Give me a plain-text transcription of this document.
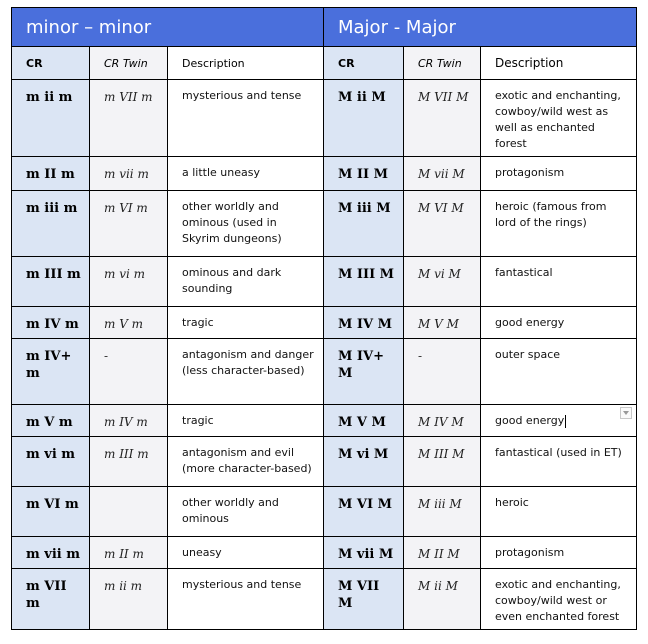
minor – minor			Major - Major		
CR	CR Twin	Description	CR	CR Twin	Description
m ii m	m VII m	mysterious and tense	M ii M	M VII M	exotic and enchanting, cowboy/wild west as well as enchanted forest
m II m	m vii m	a little uneasy	M II M	M vii M	protagonism
m iii m	m VI m	other worldly and ominous (used in Skyrim dungeons)	M iii M	M VI M	heroic (famous from lord of the rings)
m III m	m vi m	ominous and dark sounding	M III M	M vi M	fantastical
m IV m	m V m	tragic	M IV M	M V M	good energy
m IV+ m	-	antagonism and danger (less character-based)	M IV+ M	-	outer space
m V m	m IV m	tragic	M V M	M IV M	good energy
m vi m	m III m	antagonism and evil (more character-based)	M vi M	M III M	fantastical (used in ET)
m VI m		other worldly and ominous	M VI M	M iii M	heroic
m vii m	m II m	uneasy	M vii M	M II M	protagonism
m VII m	m ii m	mysterious and tense	M VII M	M ii M	exotic and enchanting, cowboy/wild west or even enchanted forest
